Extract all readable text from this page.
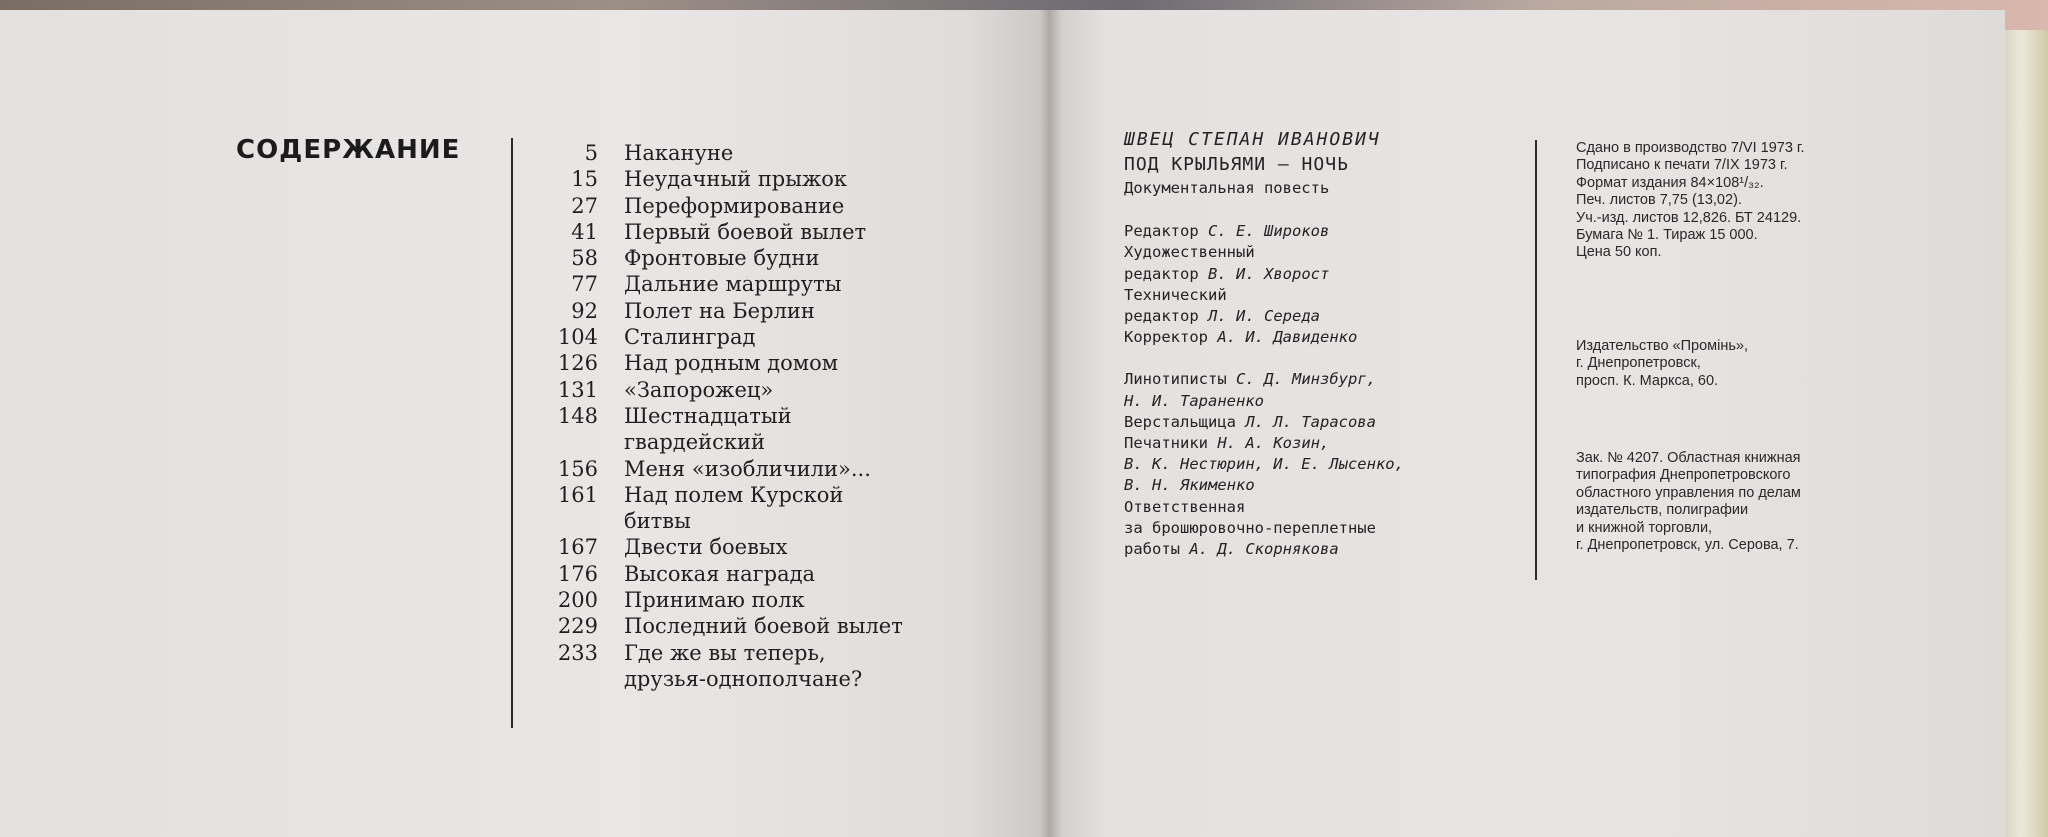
СОДЕРЖАНИЕ	5 Накануне
15 Неудачный прыжок
27 Переформирование
41 Первый боевой вылет
58 Фронтовые будни
77 Дальние маршруты
92 Полет на Берлин
104 Сталинград
126 Над родным домом
131 «Запорожец»
148 Шестнадцатый
гвардейский
156 Меня «изобличили»...
161 Над полем Курской
битвы
167 Двести боевых
176 Высокая награда
200 Принимаю полк
229 Последний боевой вылет
233 Где же вы теперь,
друзья-однополчане?
ШВЕЦ СТЕПАН ИВАНОВИЧ
ПОД КРЫЛЬЯМИ — НОЧЬ
Документальная повесть
Редактор С. Е. Широков
Художественный
редактор В. И. Хворост
Технический
редактор Л. И. Середа
Корректор А. И. Давиденко
Линотиписты С. Д. Минзбург,
Н. И. Тараненко
Верстальщица Л. Л. Тарасова
Печатники Н. А. Козин,
В. К. Нестюрин, И. Е. Лысенко,
В. Н. Якименко
Ответственная
за брошюровочно-переплетные
работы А. Д. Скорнякова
Сдано в производство 7/VI 1973 г.
Подписано к печати 7/IX 1973 г.
Формат издания 84×108¹/₃₂.
Печ. листов 7,75 (13,02).
Уч.-изд. листов 12,826. БТ 24129.
Бумага № 1. Тираж 15 000.
Цена 50 коп.
Издательство «Промінь»,
г. Днепропетровск,
просп. К. Маркса, 60.
Зак. № 4207. Областная книжная
типография Днепропетровского
областного управления по делам
издательств, полиграфии
и книжной торговли,
г. Днепропетровск, ул. Серова, 7.
